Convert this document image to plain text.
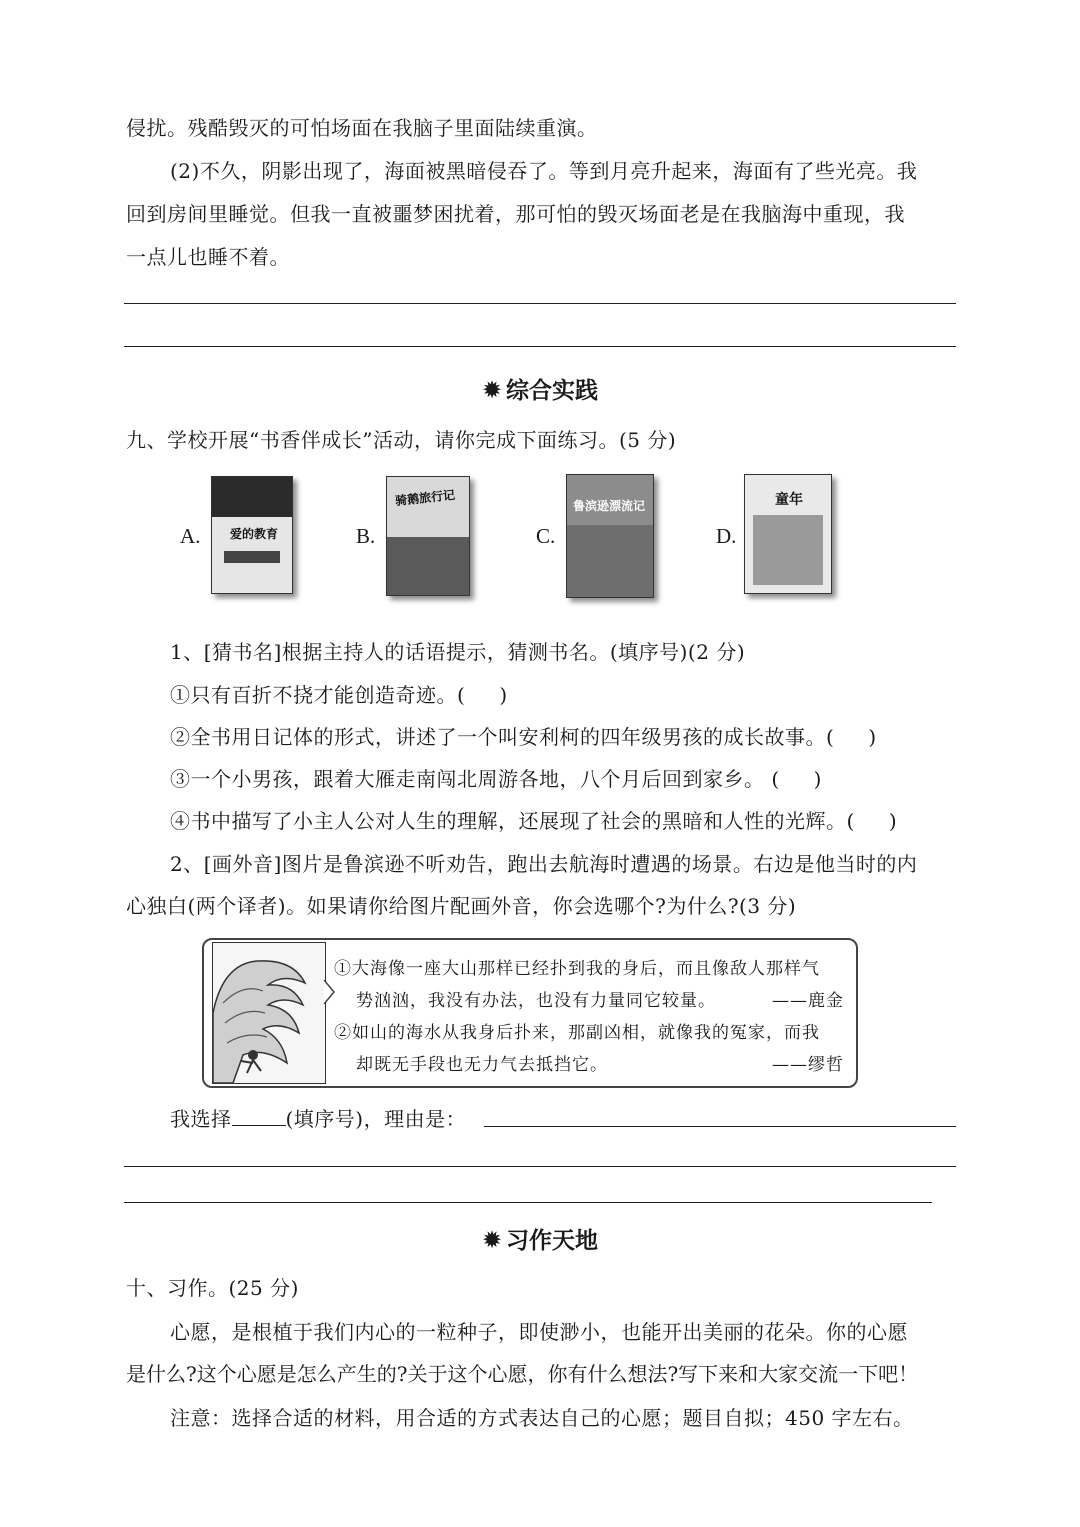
侵扰。残酷毁灭的可怕场面在我脑子里面陆续重演。
(2)不久，阴影出现了，海面被黑暗侵吞了。等到月亮升起来，海面有了些光亮。我
回到房间里睡觉。但我一直被噩梦困扰着，那可怕的毁灭场面老是在我脑海中重现，我
一点儿也睡不着。
✹ 综合实践
九、学校开展“书香伴成长”活动，请你完成下面练习。(5 分)
A. 爱的教育	B.
骑鹅旅行记
C.
鲁滨逊漂流记
D.
童年
1、[猜书名]根据主持人的话语提示，猜测书名。(填序号)(2 分)
①只有百折不挠才能创造奇迹。( )
②全书用日记体的形式，讲述了一个叫安利柯的四年级男孩的成长故事。( )
③一个小男孩，跟着大雁走南闯北周游各地，八个月后回到家乡。 ( )
④书中描写了小主人公对人生的理解，还展现了社会的黑暗和人性的光辉。( )
2、[画外音]图片是鲁滨逊不听劝告，跑出去航海时遭遇的场景。右边是他当时的内
心独白(两个译者)。如果请你给图片配画外音，你会选哪个?为什么?(3 分)
①大海像一座大山那样已经扑到我的身后，而且像敌人那样气
势汹汹，我没有办法，也没有力量同它较量。	——鹿金
②如山的海水从我身后扑来，那副凶相，就像我的冤家，而我
却既无手段也无力气去抵挡它。	——缪哲
我选择	(填序号)，理由是：
✹ 习作天地
十、习作。(25 分)
心愿，是根植于我们内心的一粒种子，即使渺小，也能开出美丽的花朵。你的心愿
是什么?这个心愿是怎么产生的?关于这个心愿，你有什么想法?写下来和大家交流一下吧！
注意：选择合适的材料，用合适的方式表达自己的心愿；题目自拟；450 字左右。
